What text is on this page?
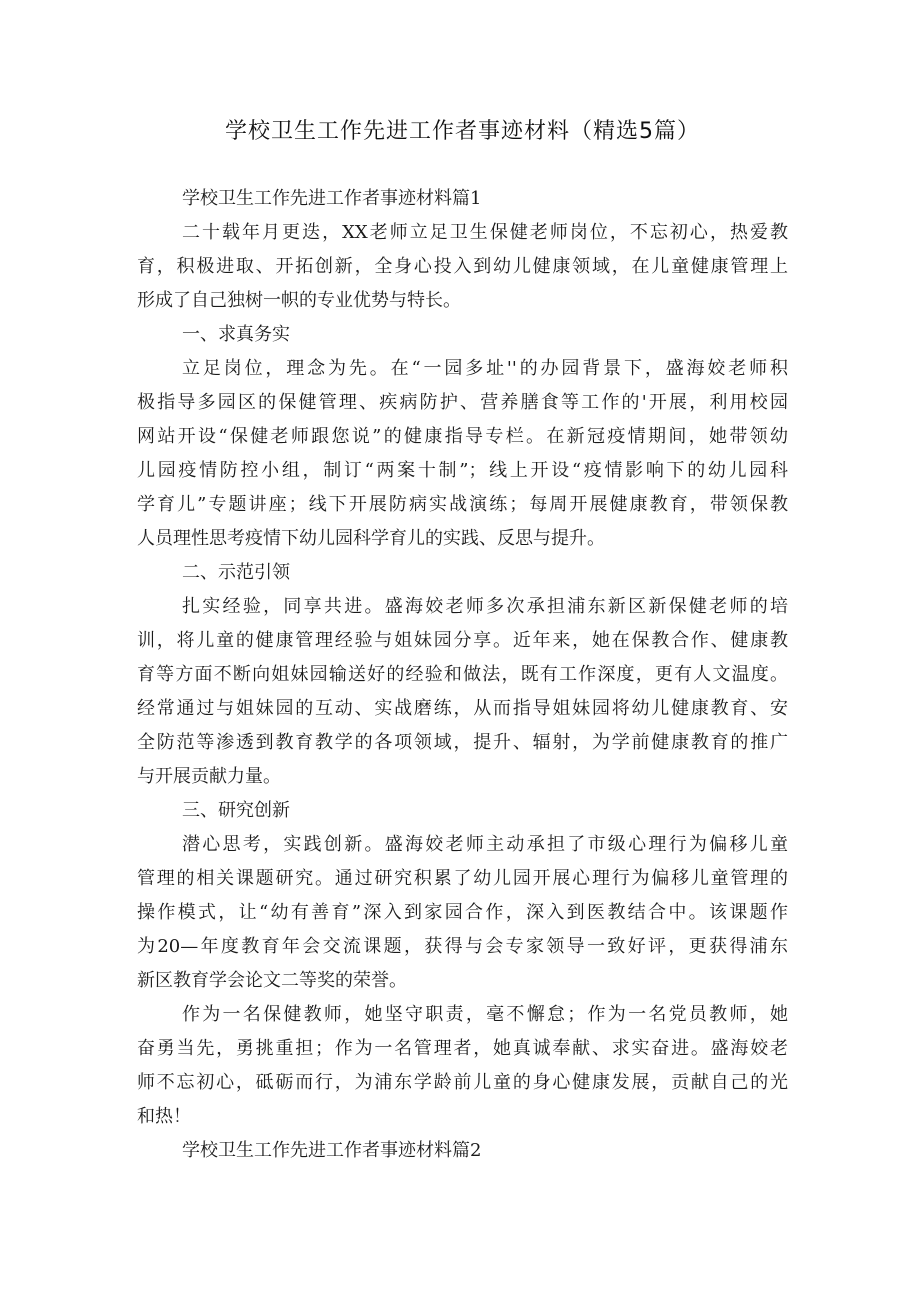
学校卫生工作先进工作者事迹材料（精选5篇）

学校卫生工作先进工作者事迹材料篇1

二十载年月更迭，XX老师立足卫生保健老师岗位，不忘初心，热爱教

育，积极进取、开拓创新，全身心投入到幼儿健康领域，在儿童健康管理上

形成了自己独树一帜的专业优势与特长。

一、求真务实

立足岗位，理念为先。在“一园多址''的办园背景下，盛海姣老师积

极指导多园区的保健管理、疾病防护、营养膳食等工作的'开展，利用校园

网站开设“保健老师跟您说”的健康指导专栏。在新冠疫情期间，她带领幼

儿园疫情防控小组，制订“两案十制”；线上开设“疫情影响下的幼儿园科

学育儿”专题讲座；线下开展防病实战演练；每周开展健康教育，带领保教

人员理性思考疫情下幼儿园科学育儿的实践、反思与提升。

二、示范引领

扎实经验，同享共进。盛海姣老师多次承担浦东新区新保健老师的培

训，将儿童的健康管理经验与姐妹园分享。近年来，她在保教合作、健康教

育等方面不断向姐妹园输送好的经验和做法，既有工作深度，更有人文温度。

经常通过与姐妹园的互动、实战磨练，从而指导姐妹园将幼儿健康教育、安

全防范等渗透到教育教学的各项领域，提升、辐射，为学前健康教育的推广

与开展贡献力量。

三、研究创新

潜心思考，实践创新。盛海姣老师主动承担了市级心理行为偏移儿童

管理的相关课题研究。通过研究积累了幼儿园开展心理行为偏移儿童管理的

操作模式，让“幼有善育”深入到家园合作，深入到医教结合中。该课题作

为20—年度教育年会交流课题，获得与会专家领导一致好评，更获得浦东

新区教育学会论文二等奖的荣誉。

作为一名保健教师，她坚守职责，毫不懈怠；作为一名党员教师，她

奋勇当先，勇挑重担；作为一名管理者，她真诚奉献、求实奋进。盛海姣老

师不忘初心，砥砺而行，为浦东学龄前儿童的身心健康发展，贡献自己的光

和热！

学校卫生工作先进工作者事迹材料篇2
